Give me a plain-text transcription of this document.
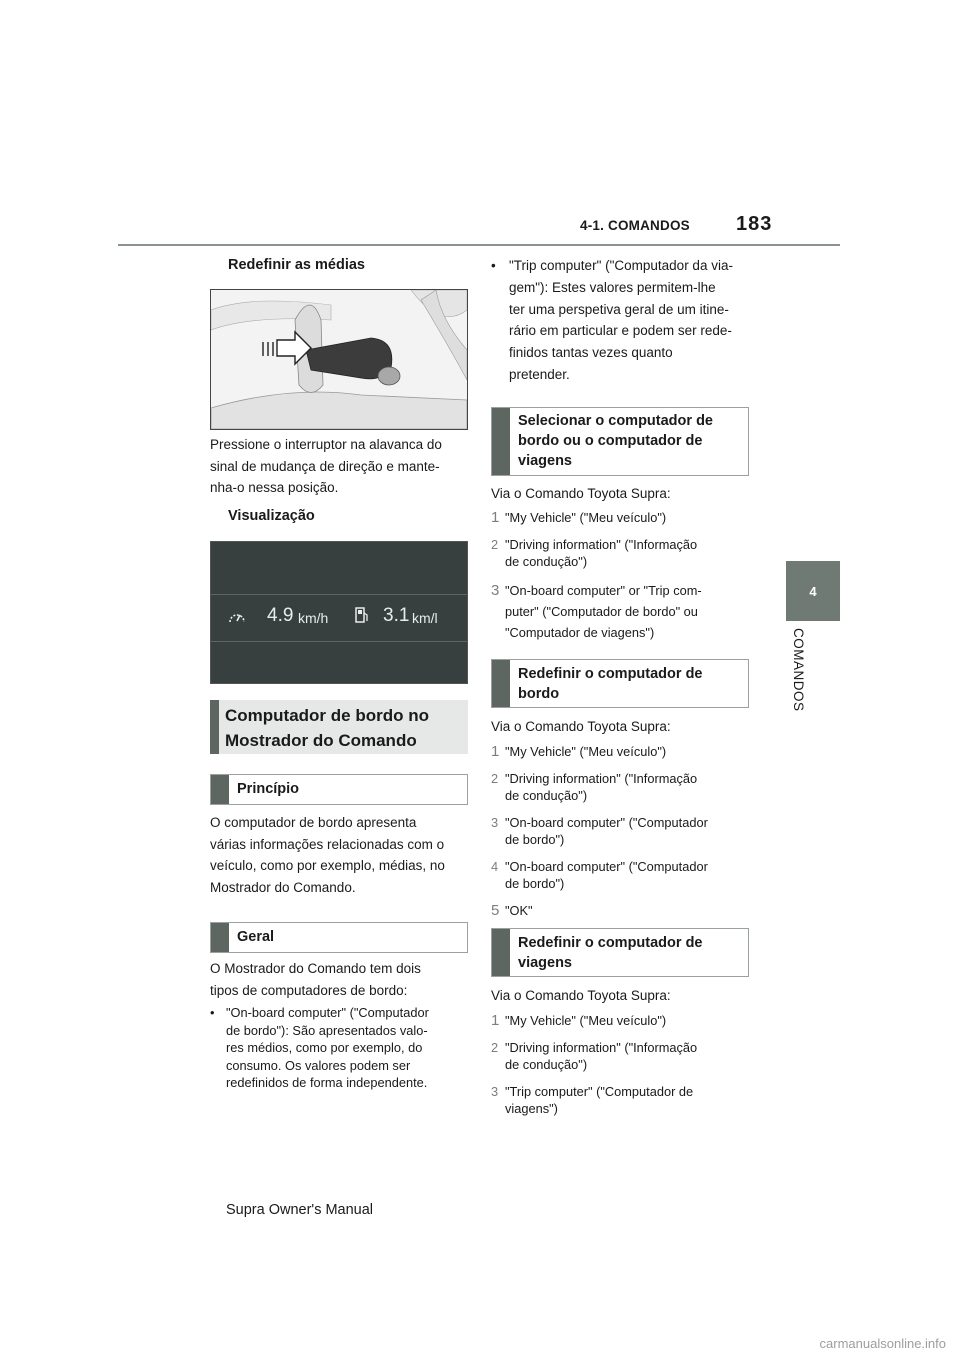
4-1. COMANDOS 183
4
COMANDOS
Redefinir as médias
Pressione o interruptor na alavanca do
sinal de mudança de direção e mante-
nha-o nessa posição.
Visualização
4.9 km/h	3.1 km/l
Computador de bordo no
Mostrador do Comando
Princípio
O computador de bordo apresenta
várias informações relacionadas com o
veículo, como por exemplo, médias, no
Mostrador do Comando.
Geral
O Mostrador do Comando tem dois
tipos de computadores de bordo:
• "On-board computer" ("Computador
de bordo"): São apresentados valo-
res médios, como por exemplo, do
consumo. Os valores podem ser
redefinidos de forma independente.
• "Trip computer" ("Computador da via-
gem"): Estes valores permitem-lhe
ter uma perspetiva geral de um itine-
rário em particular e podem ser rede-
finidos tantas vezes quanto
pretender.
Selecionar o computador de
bordo ou o computador de
viagens
Via o Comando Toyota Supra:
1 "My Vehicle" ("Meu veículo")
2 "Driving information" ("Informação
de condução")
3 "On-board computer" or "Trip com-
puter" ("Computador de bordo" ou
"Computador de viagens")
Redefinir o computador de
bordo
Via o Comando Toyota Supra:
1 "My Vehicle" ("Meu veículo")
2 "Driving information" ("Informação
de condução")
3 "On-board computer" ("Computador
de bordo")
4 "On-board computer" ("Computador
de bordo")
5 "OK"
Redefinir o computador de
viagens
Via o Comando Toyota Supra:
1 "My Vehicle" ("Meu veículo")
2 "Driving information" ("Informação
de condução")
3 "Trip computer" ("Computador de
viagens")
Supra Owner's Manual
carmanualsonline.info
